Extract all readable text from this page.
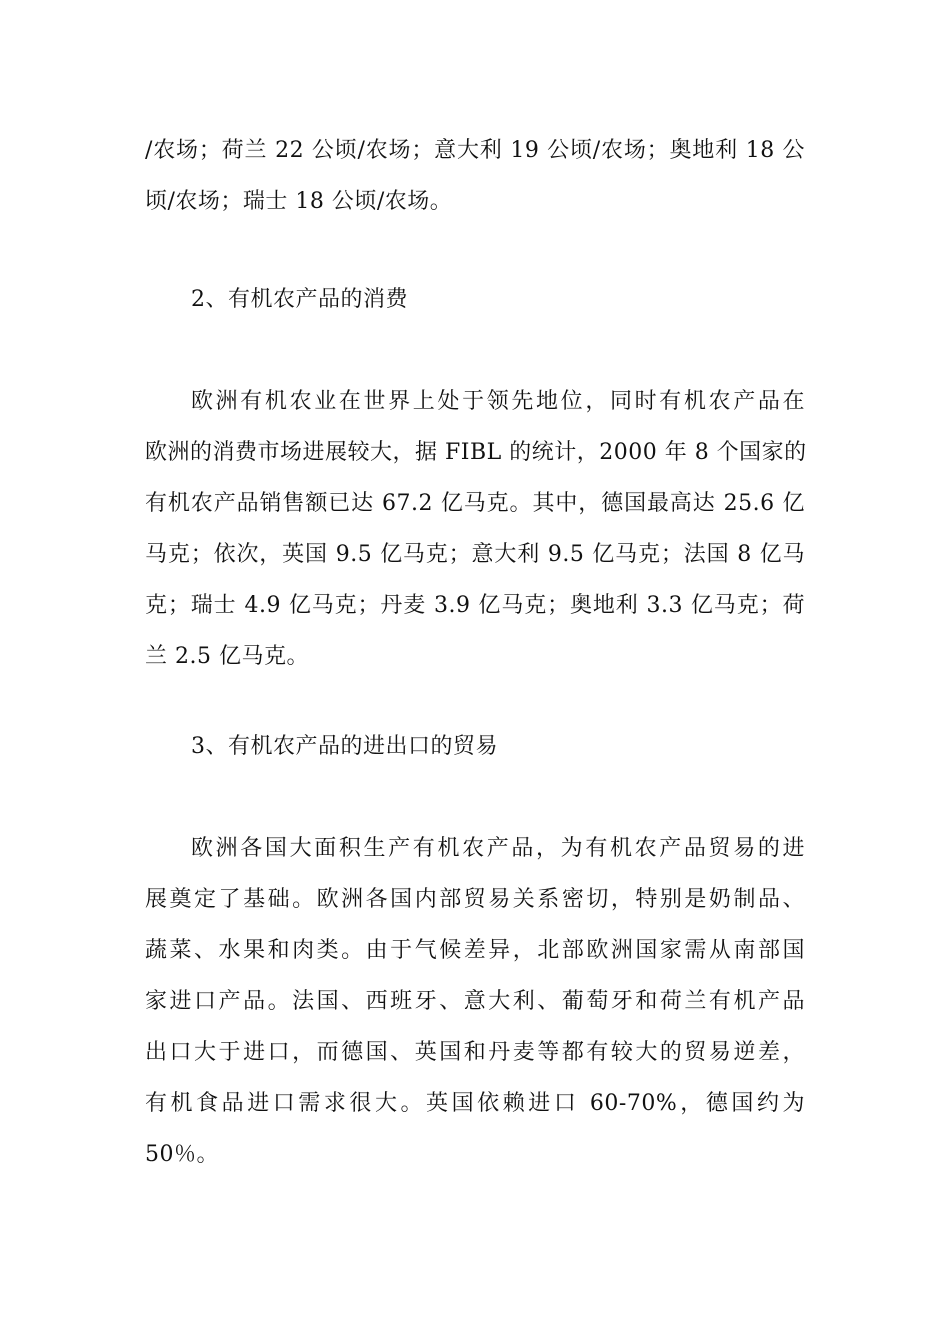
/农场；荷兰 22 公顷/农场；意大利 19 公顷/农场；奥地利 18 公
顷/农场；瑞士 18 公顷/农场。
2、有机农产品的消费
欧洲有机农业在世界上处于领先地位，同时有机农产品在
欧洲的消费市场进展较大，据 FIBL 的统计，2000 年 8 个国家的
有机农产品销售额已达 67.2 亿马克。其中，德国最高达 25.6 亿
马克；依次，英国 9.5 亿马克；意大利 9.5 亿马克；法国 8 亿马
克；瑞士 4.9 亿马克；丹麦 3.9 亿马克；奥地利 3.3 亿马克；荷
兰 2.5 亿马克。
3、有机农产品的进出口的贸易
欧洲各国大面积生产有机农产品，为有机农产品贸易的进
展奠定了基础。欧洲各国内部贸易关系密切，特别是奶制品、
蔬菜、水果和肉类。由于气候差异，北部欧洲国家需从南部国
家进口产品。法国、西班牙、意大利、葡萄牙和荷兰有机产品
出口大于进口，而德国、英国和丹麦等都有较大的贸易逆差，
有机食品进口需求很大。英国依赖进口 60-70%，德国约为
50％。
